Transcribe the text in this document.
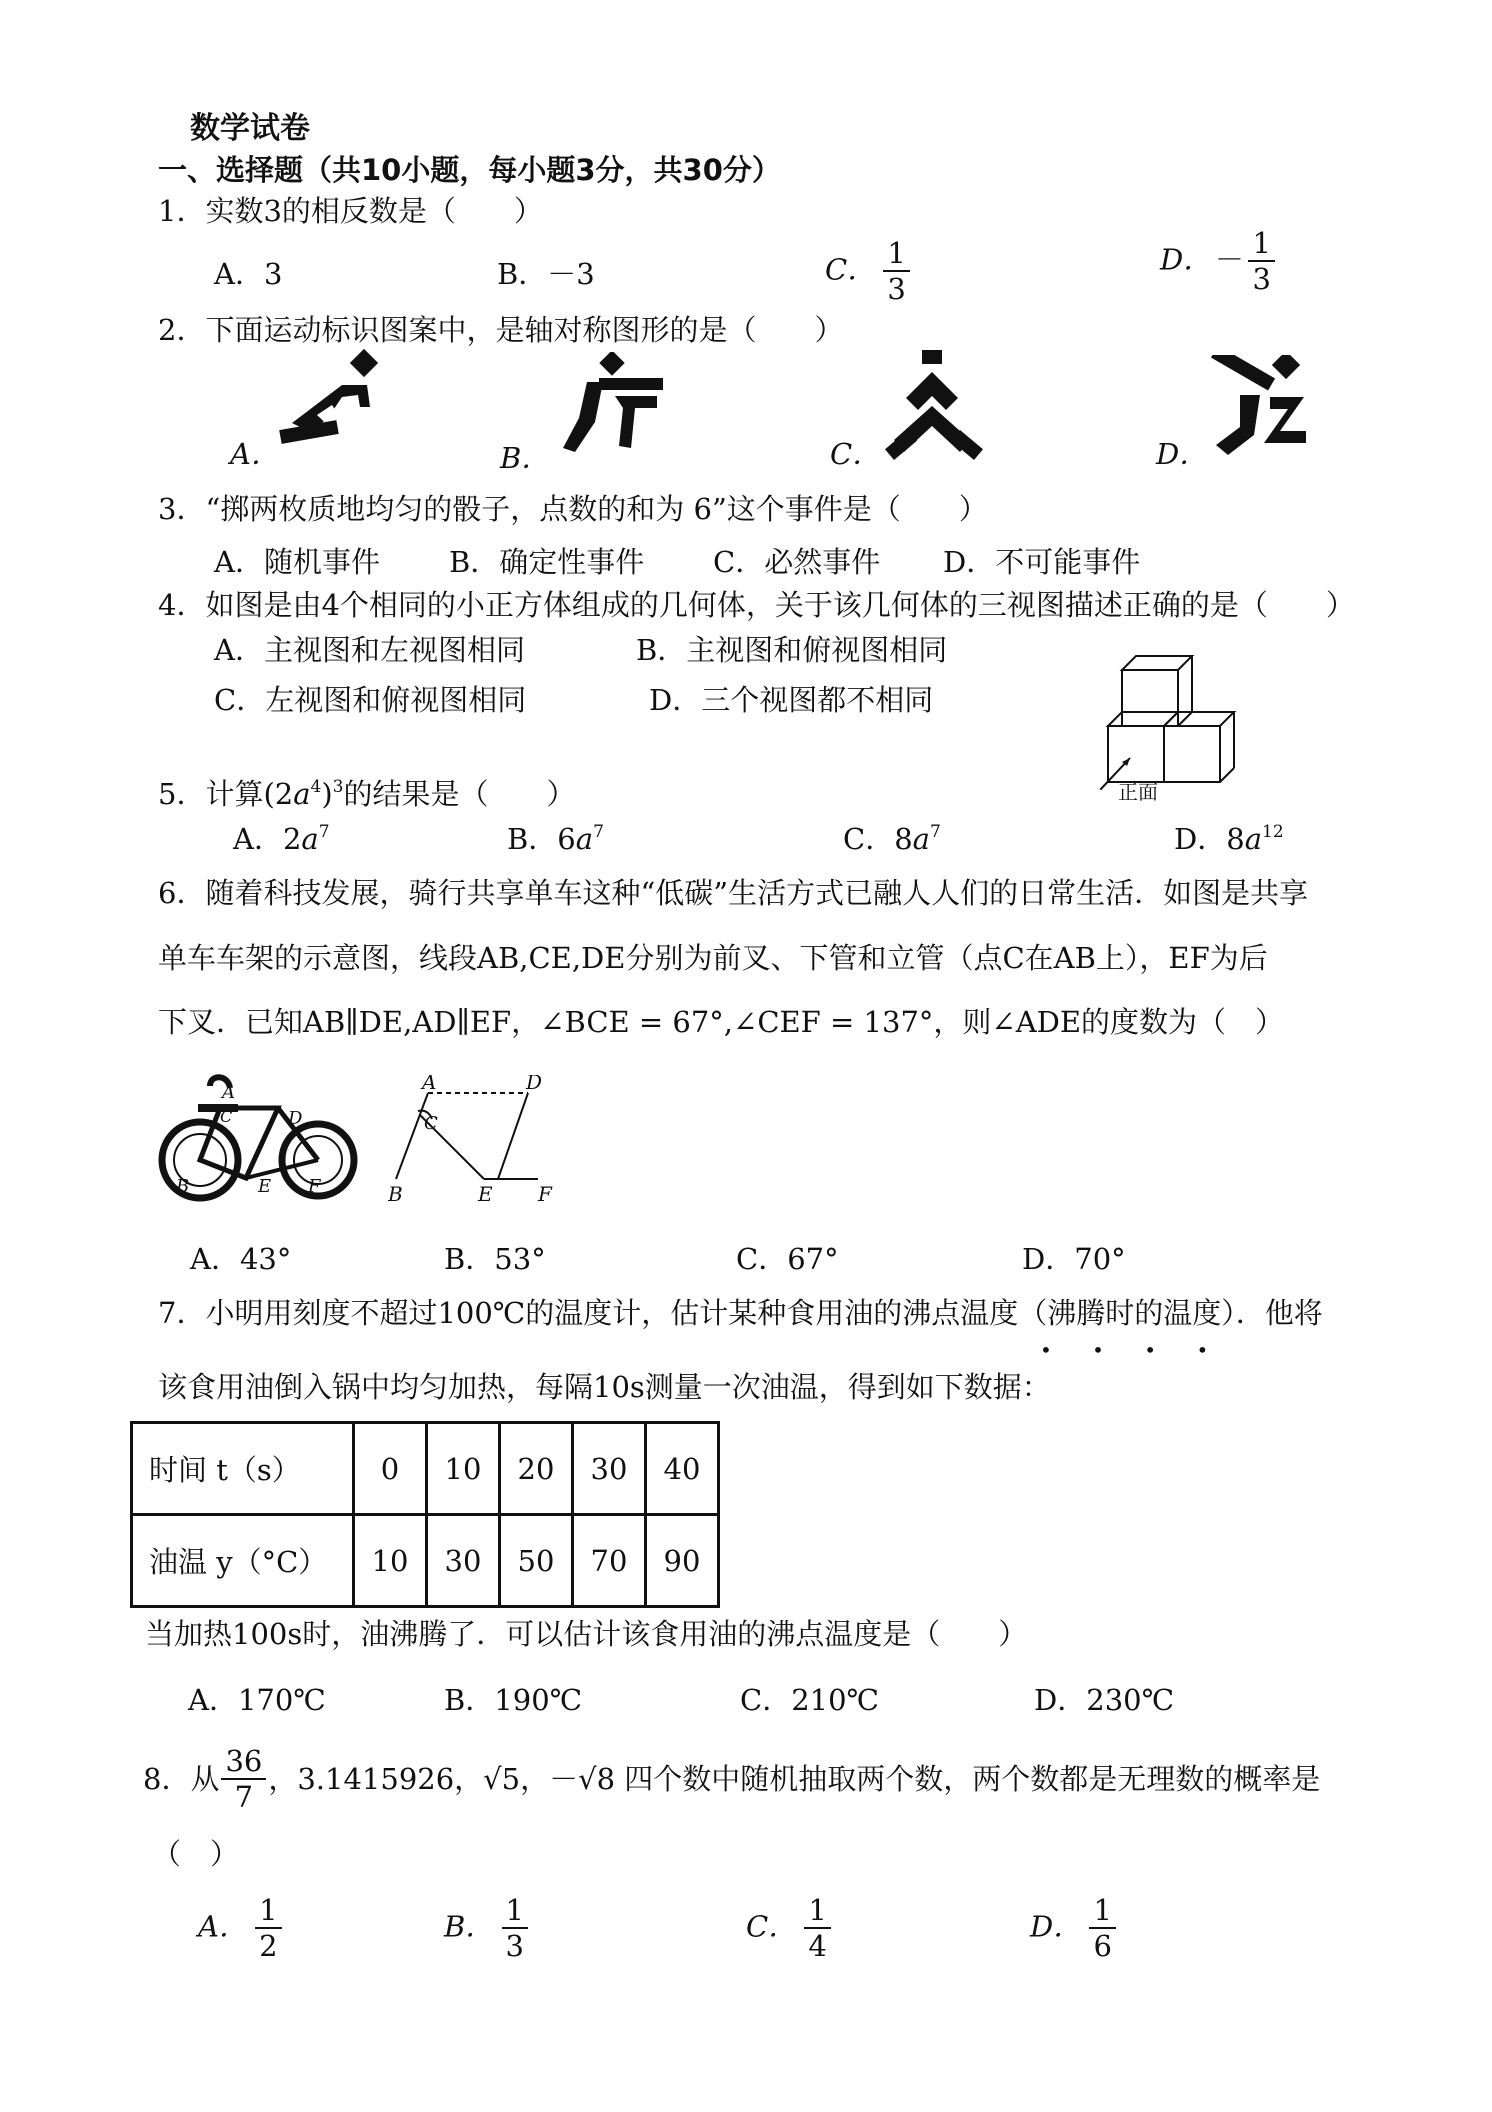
数学试卷
一、选择题（共10小题，每小题3分，共30分）
1．实数3的相反数是（　　）
A．3	B．－3	C． $\frac{1}{3}$	D．－ $\frac{1}{3}$
2．下面运动标识图案中，是轴对称图形的是（　　）
A．	B．	C．	D．
3．“掷两枚质地均匀的骰子，点数的和为 6”这个事件是（　　）
A．随机事件 B．确定性事件 C．必然事件 D．不可能事件
4．如图是由4个相同的小正方体组成的几何体，关于该几何体的三视图描述正确的是（　　）
A．主视图和左视图相同	B．主视图和俯视图相同
C．左视图和俯视图相同	D．三个视图都不相同
正面
5．计算$(2a^4)^3$的结果是（　　）
A．$2a^7$	B．$6a^7$	C．$8a^7$	D．$8a^{12}$
6．随着科技发展，骑行共享单车这种“低碳”生活方式已融人人们的日常生活．如图是共享
单车车架的示意图，线段AB,CE,DE分别为前叉、下管和立管（点C在AB上），EF为后
下叉．已知AB∥DE,AD∥EF，∠BCE = 67°,∠CEF = 137°，则∠ADE的度数为（　）
A
C	D
B	E F
A	D
C
B	E F
A．43°	B．53°	C．67°	D．70°
7．小明用刻度不超过100℃的温度计，估计某种食用油的沸点温度（沸腾时的温度）．他将
• • • •
该食用油倒入锅中均匀加热，每隔10s测量一次油温，得到如下数据：
时间 t（s）	0	10	20	30	40
油温 y（°C）	10	30	50	70	90
当加热100s时，油沸腾了．可以估计该食用油的沸点温度是（　　）
A．170℃	B．190℃	C．210℃	D．230℃
8．从 $\frac{36}{7}$ ，3.1415926，√5，－√8 四个数中随机抽取两个数，两个数都是无理数的概率是
（　）
A． $\frac{1}{2}$	B． $\frac{1}{3}$	C． $\frac{1}{4}$	D． $\frac{1}{6}$
